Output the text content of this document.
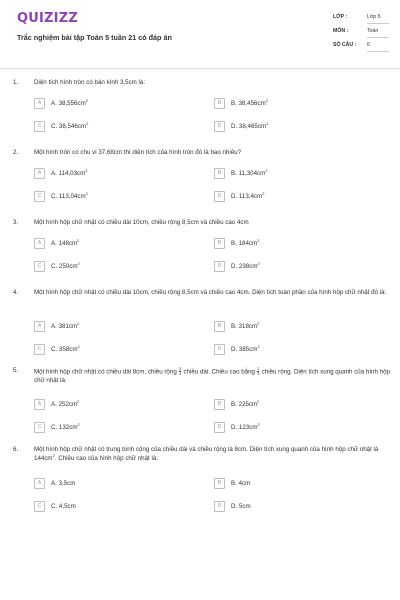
QUIZIZZ
Trắc nghiệm bài tập Toán 5 tuần 21 có đáp án
LỚP :	Lớp 5
MÔN :	Toán
SỐ CÂU : 6
1.	Diện tích hình tròn có bán kính 3,5cm là:
A	A. $38,556cm^2$	B	B. $38,456cm^2$
C	C. $38,546cm^2$	D	D. $38,465cm^2$
2.	Một hình tròn có chu vi 37,68cm thì diện tích của hình tròn đó là bao nhiêu?
A	A. $114,03cm^2$	B	B. $11,304cm^2$
C	C. $113,04cm^2$	D	D. $113,4cm^2$
3.	Một hình hộp chữ nhật có chiều dài 10cm, chiều rộng 8,5cm và chiều cao 4cm
A	A. $148cm^2$	B	B. $184cm^2$
C	C. $250cm^2$	D	D. $238cm^2$
4.	Một hình hộp chữ nhật có chiều dài 10cm, chiều rộng 8,5cm và chiều cao 4cm. Diện tích toàn phần của hình hộp chữ nhật đó là:
A	A. $381cm^2$	B	B. $318cm^2$
C	C. $358cm^2$	D	D. $385cm^2$
5.	Một hình hộp chữ nhật có chiều dài 8cm, chiều rộng $\frac{3}{4}$ chiều dài. Chiều cao bằng $\frac{2}{3}$ chiều rộng. Diện tích xung quanh của hình hộp chữ nhật là:
A	A. $252cm^2$	B	B. $225cm^2$
C	C. $132cm^2$	D	D. $123cm^2$
6.	Một hình hộp chữ nhật có trung bình cộng của chiều dài và chiều rộng là 8cm. Diện tích xung quanh của hình hộp chữ nhật là $144cm^2$. Chiều cao của hình hộp chữ nhật là:
A	A. 3,5cm	B	B. 4cm
C	C. 4,5cm	D	D. 5cm
